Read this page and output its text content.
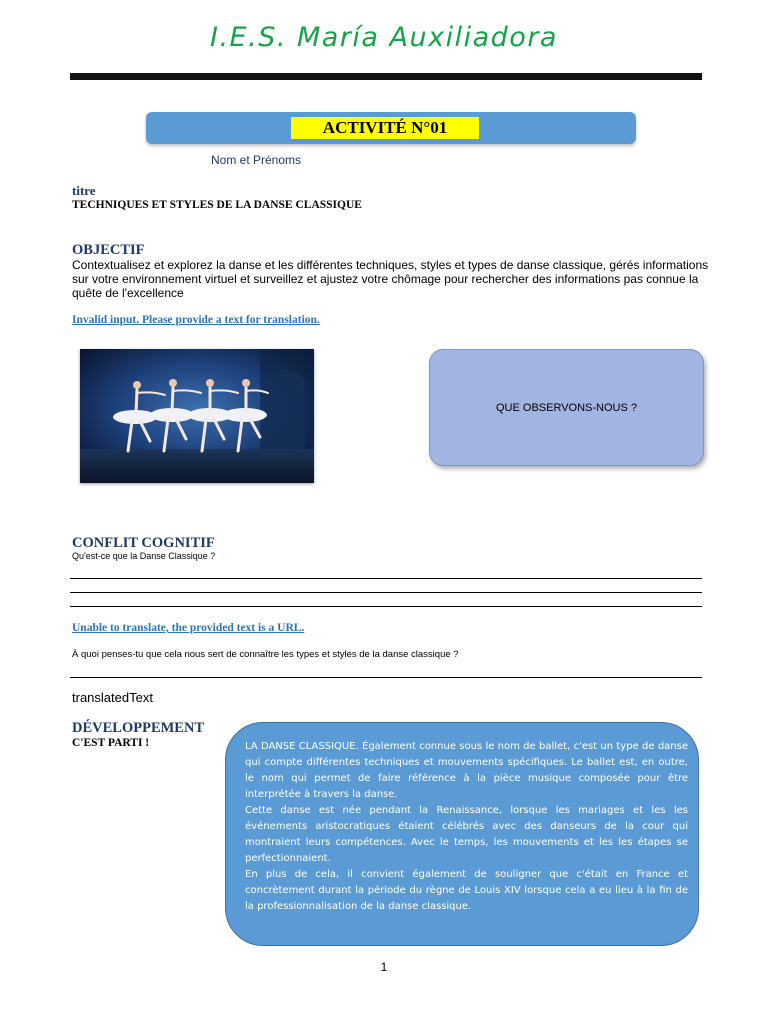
I.E.S. María Auxiliadora
ACTIVITÉ N°01
Nom et Prénoms
titre
TECHNIQUES ET STYLES DE LA DANSE CLASSIQUE
OBJECTIF
Contextualisez et explorez la danse et les différentes techniques, styles et types de danse classique, gérés informations sur votre environnement virtuel et surveillez et ajustez votre chômage pour rechercher des informations pas connue la quête de l'excellence
Invalid input. Please provide a text for translation.
QUE OBSERVONS-NOUS ?
CONFLIT COGNITIF
Qu'est-ce que la Danse Classique ?
Unable to translate, the provided text is a URL.
À quoi penses-tu que cela nous sert de connaître les types et styles de la danse classique ?
translatedText
DÉVELOPPEMENT
C'EST PARTI !	LA DANSE CLASSIQUE. Également connue sous le nom de ballet, c'est un type de danse qui compte différentes techniques et mouvements spécifiques. Le ballet est, en outre, le nom qui permet de faire référence à la pièce musique composée pour être interprétée à travers la danse.
Cette danse est née pendant la Renaissance, lorsque les mariages et les les événements aristocratiques étaient célébrés avec des danseurs de la cour qui montraient leurs compétences. Avec le temps, les mouvements et les les étapes se perfectionnaient.
En plus de cela, il convient également de souligner que c'était en France et concrètement durant la période du règne de Louis XIV lorsque cela a eu lieu à la fin de la professionnalisation de la danse classique.
1
